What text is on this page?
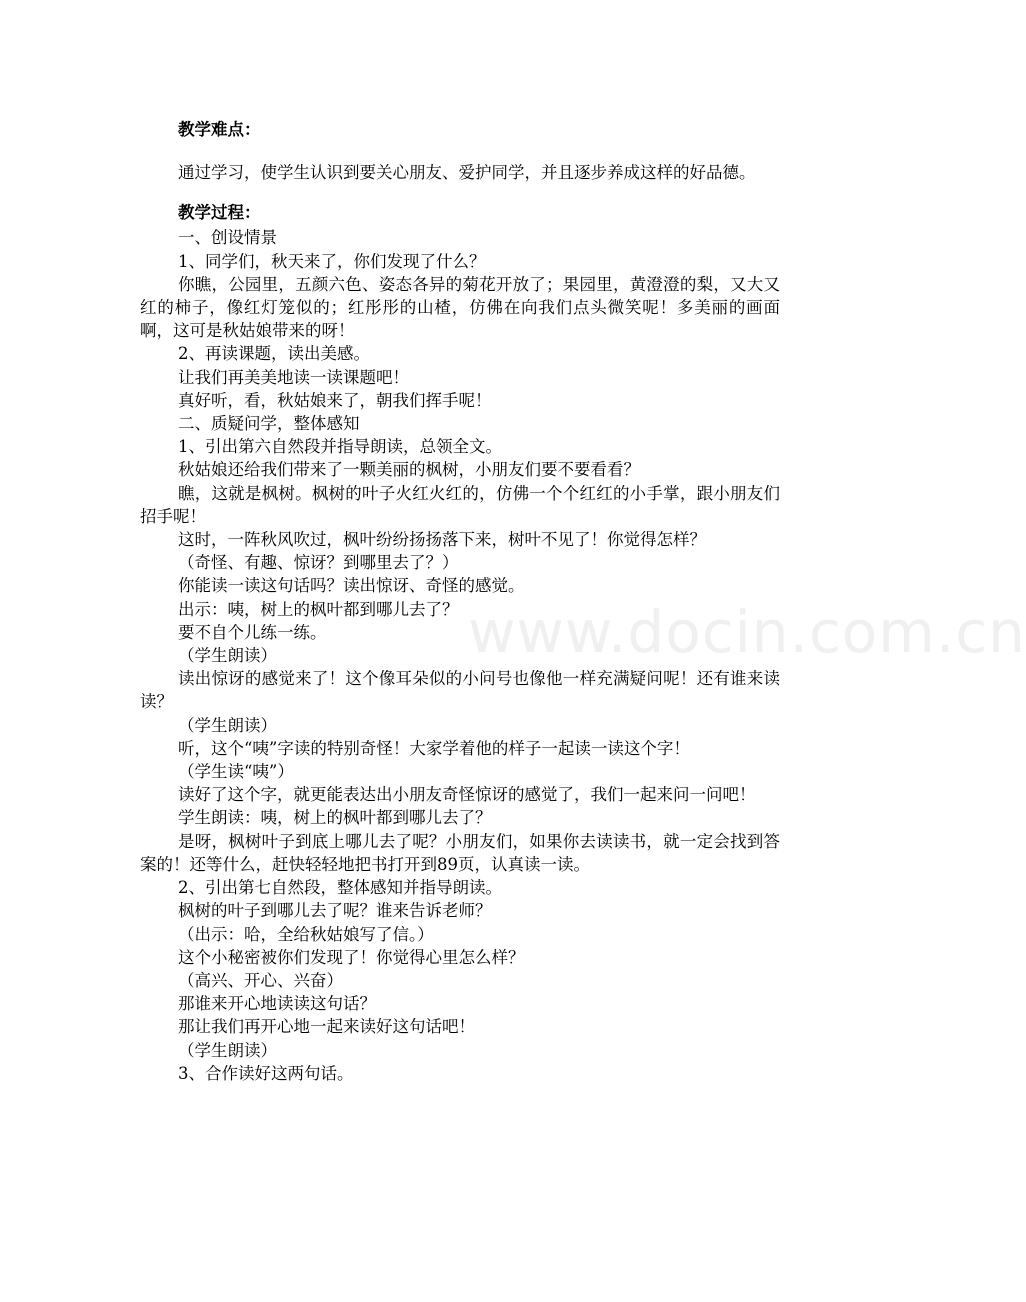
www.docin.com.cn

教学难点：

通过学习，使学生认识到要关心朋友、爱护同学，并且逐步养成这样的好品德。

教学过程：

一、创设情景

1、同学们，秋天来了，你们发现了什么？

你瞧，公园里，五颜六色、姿态各异的菊花开放了；果园里，黄澄澄的梨，又大又红的柿子，像红灯笼似的；红彤彤的山楂，仿佛在向我们点头微笑呢！多美丽的画面啊，这可是秋姑娘带来的呀！

2、再读课题，读出美感。

让我们再美美地读一读课题吧！

真好听，看，秋姑娘来了，朝我们挥手呢！

二、质疑问学，整体感知

1、引出第六自然段并指导朗读，总领全文。

秋姑娘还给我们带来了一颗美丽的枫树，小朋友们要不要看看？

瞧，这就是枫树。枫树的叶子火红火红的，仿佛一个个红红的小手掌，跟小朋友们招手呢！

这时，一阵秋风吹过，枫叶纷纷扬扬落下来，树叶不见了！你觉得怎样？

（奇怪、有趣、惊讶？到哪里去了？）

你能读一读这句话吗？读出惊讶、奇怪的感觉。

出示：咦，树上的枫叶都到哪儿去了？

要不自个儿练一练。

（学生朗读）

读出惊讶的感觉来了！这个像耳朵似的小问号也像他一样充满疑问呢！还有谁来读读？

（学生朗读）

听，这个“咦”字读的特别奇怪！大家学着他的样子一起读一读这个字！

（学生读“咦”）

读好了这个字，就更能表达出小朋友奇怪惊讶的感觉了，我们一起来问一问吧！

学生朗读：咦，树上的枫叶都到哪儿去了？

是呀，枫树叶子到底上哪儿去了呢？小朋友们，如果你去读读书，就一定会找到答案的！还等什么，赶快轻轻地把书打开到89页，认真读一读。

2、引出第七自然段，整体感知并指导朗读。

枫树的叶子到哪儿去了呢？谁来告诉老师？

（出示：哈，全给秋姑娘写了信。）

这个小秘密被你们发现了！你觉得心里怎么样？

（高兴、开心、兴奋）

那谁来开心地读读这句话？

那让我们再开心地一起来读好这句话吧！

（学生朗读）

3、合作读好这两句话。
